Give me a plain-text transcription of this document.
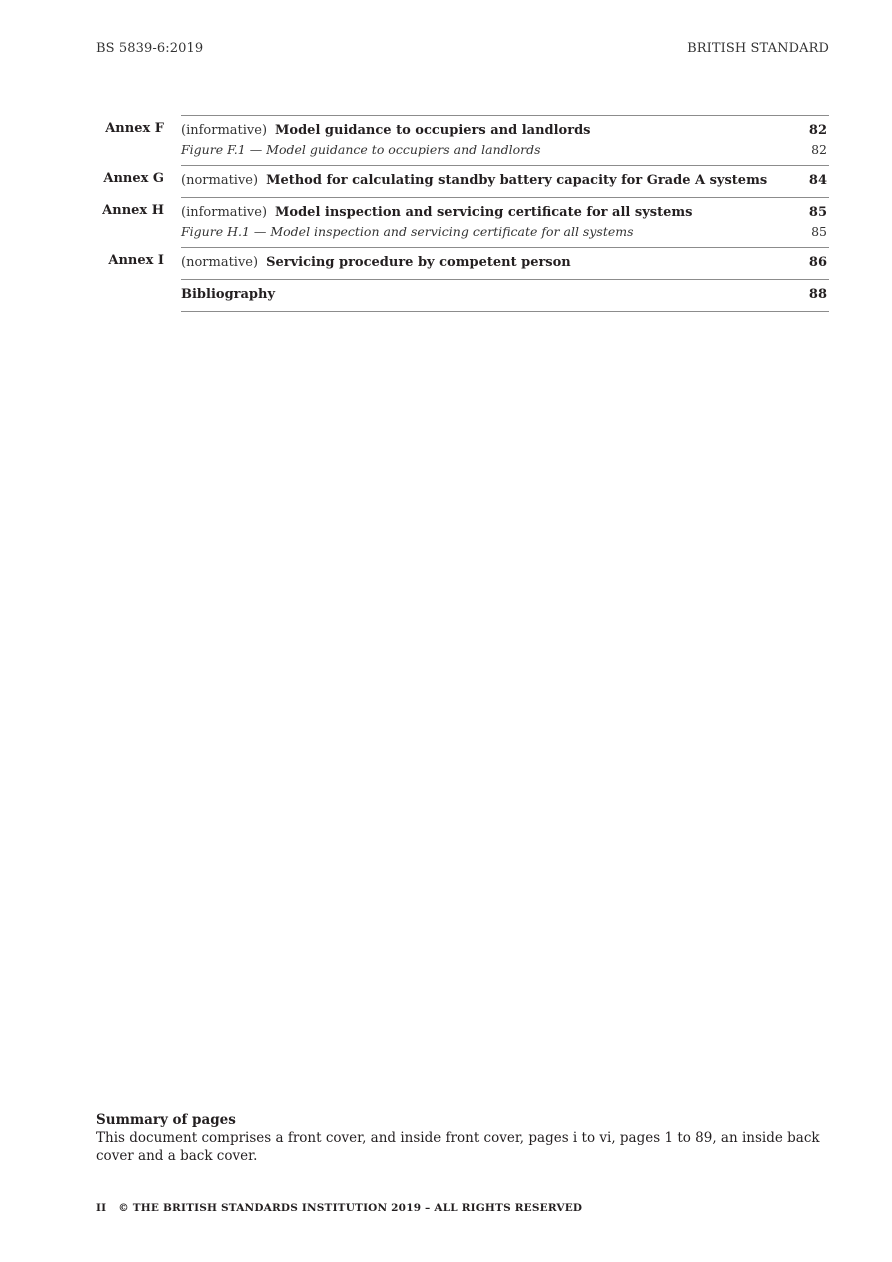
BS 5839-6:2019	BRITISH STANDARD
Annex F (informative) Model guidance to occupiers and landlords	82
Figure F.1 — Model guidance to occupiers and landlords	82
Annex G (normative) Method for calculating standby battery capacity for Grade A systems	84
Annex H (informative) Model inspection and servicing certificate for all systems	85
Figure H.1 — Model inspection and servicing certificate for all systems	85
Annex I (normative) Servicing procedure by competent person	86
Bibliography	88
Summary of pages
This document comprises a front cover, and inside front cover, pages i to vi, pages 1 to 89, an inside back cover and a back cover.
II © THE BRITISH STANDARDS INSTITUTION 2019 – ALL RIGHTS RESERVED
